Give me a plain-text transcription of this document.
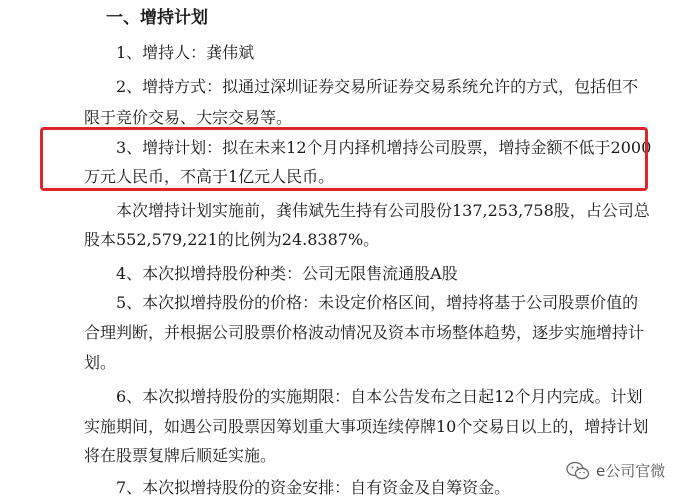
一、增持计划
1、增持人：龚伟斌
2、增持方式：拟通过深圳证券交易所证券交易系统允许的方式，包括但不
限于竞价交易、大宗交易等。
3、增持计划：拟在未来12个月内择机增持公司股票，增持金额不低于2000
万元人民币，不高于1亿元人民币。
本次增持计划实施前，龚伟斌先生持有公司股份137,253,758股，占公司总
股本552,579,221的比例为24.8387%。
4、本次拟增持股份种类：公司无限售流通股A股
5、本次拟增持股份的价格：未设定价格区间，增持将基于公司股票价值的
合理判断，并根据公司股票价格波动情况及资本市场整体趋势，逐步实施增持计
划。
6、本次拟增持股份的实施期限：自本公告发布之日起12个月内完成。计划
实施期间，如遇公司股票因筹划重大事项连续停牌10个交易日以上的，增持计划
将在股票复牌后顺延实施。
7、本次拟增持股份的资金安排：自有资金及自筹资金。
e公司官微
